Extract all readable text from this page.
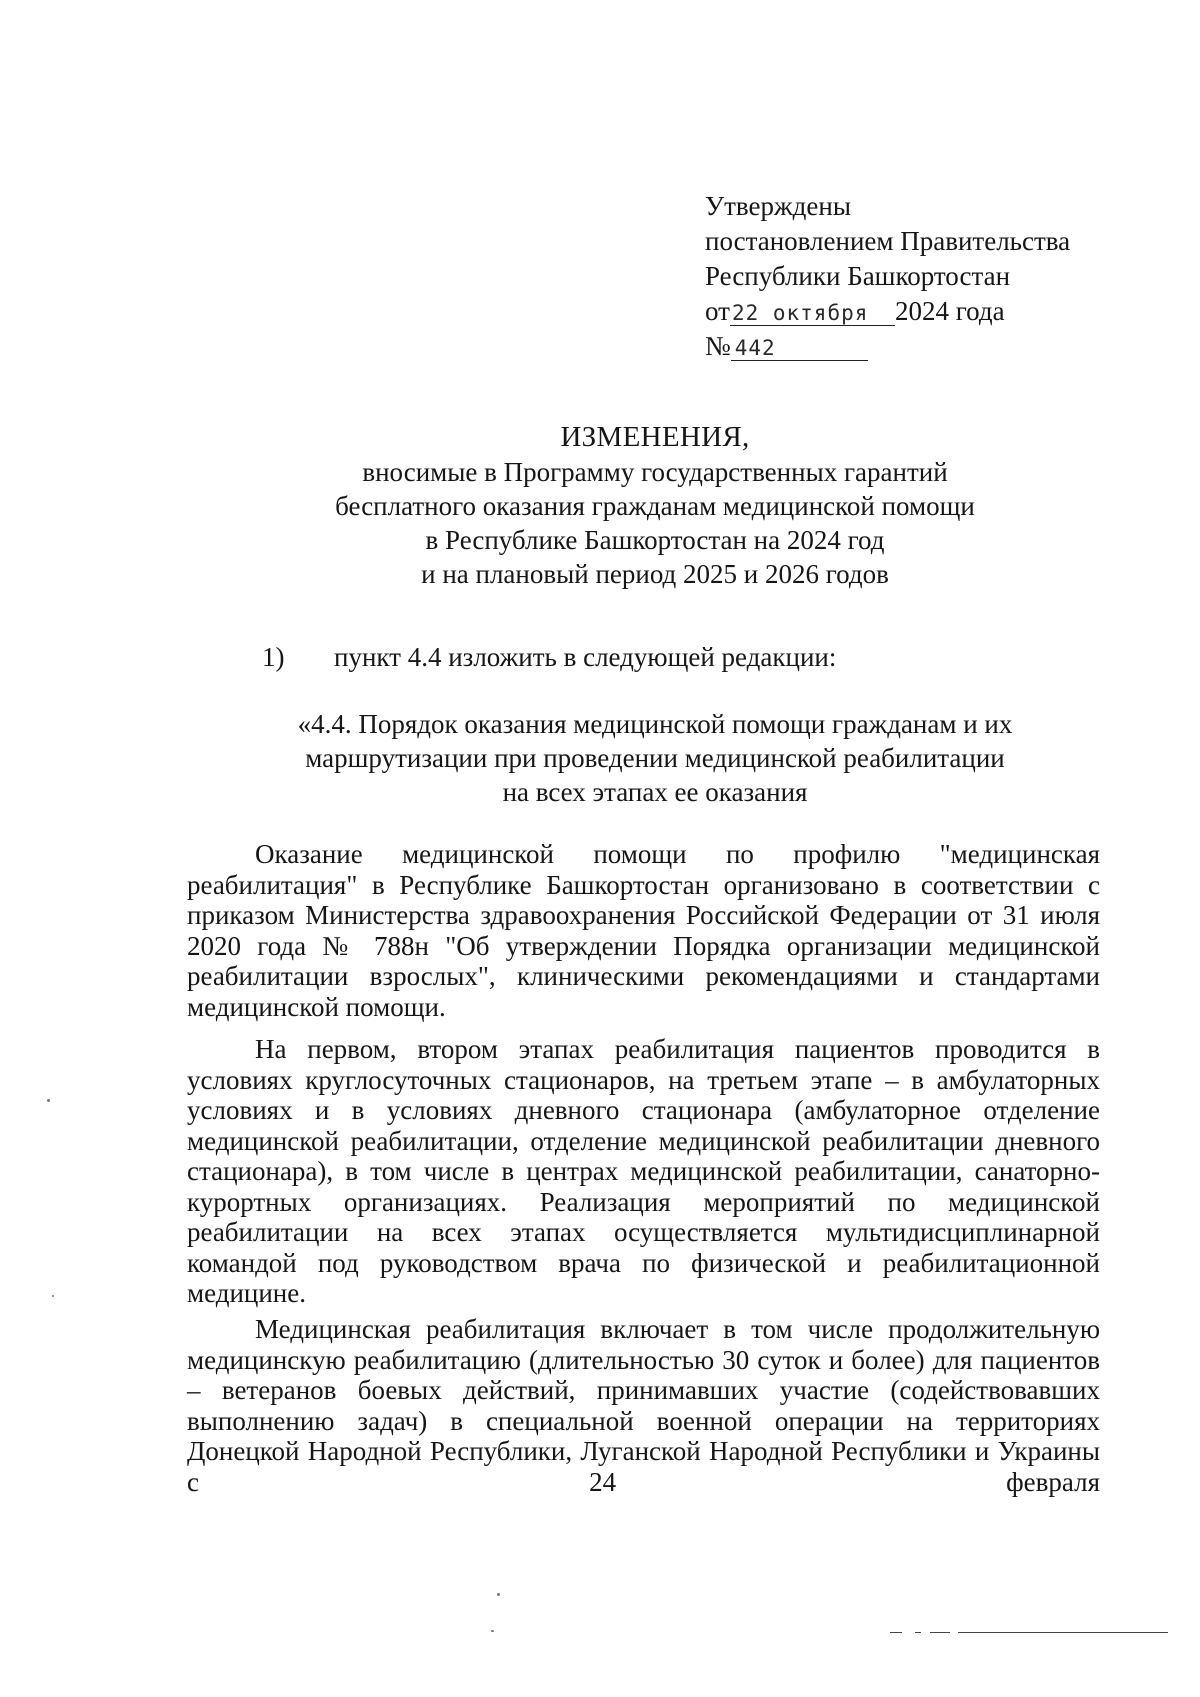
Утверждены
постановлением Правительства
Республики Башкортостан
от22 октября 2024 года
№ 442
ИЗМЕНЕНИЯ,
вносимые в Программу государственных гарантий
бесплатного оказания гражданам медицинской помощи
в Республике Башкортостан на 2024 год
и на плановый период 2025 и 2026 годов
1) пункт 4.4 изложить в следующей редакции:
«4.4. Порядок оказания медицинской помощи гражданам и их
маршрутизации при проведении медицинской реабилитации
на всех этапах ее оказания

Оказание медицинской помощи по профилю "медицинская реабилитация" в Республике Башкортостан организовано в соответствии с приказом Министерства здравоохранения Российской Федерации от 31 июля 2020 года № 788н "Об утверждении Порядка организации медицинской реабилитации взрослых", клиническими рекомендациями и стандартами медицинской помощи.

На первом, втором этапах реабилитация пациентов проводится в условиях круглосуточных стационаров, на третьем этапе – в амбулаторных условиях и в условиях дневного стационара (амбулаторное отделение медицинской реабилитации, отделение медицинской реабилитации дневного стационара), в том числе в центрах медицинской реабилитации, санаторно-курортных организациях. Реализация мероприятий по медицинской реабилитации на всех этапах осуществляется мультидисциплинарной командой под руководством врача по физической и реабилитационной медицине.

Медицинская реабилитация включает в том числе продолжительную медицинскую реабилитацию (длительностью 30 суток и более) для пациентов – ветеранов боевых действий, принимавших участие (содействовавших выполнению задач) в специальной военной операции на территориях Донецкой Народной Республики, Луганской Народной Республики и Украины с 24 февраля
